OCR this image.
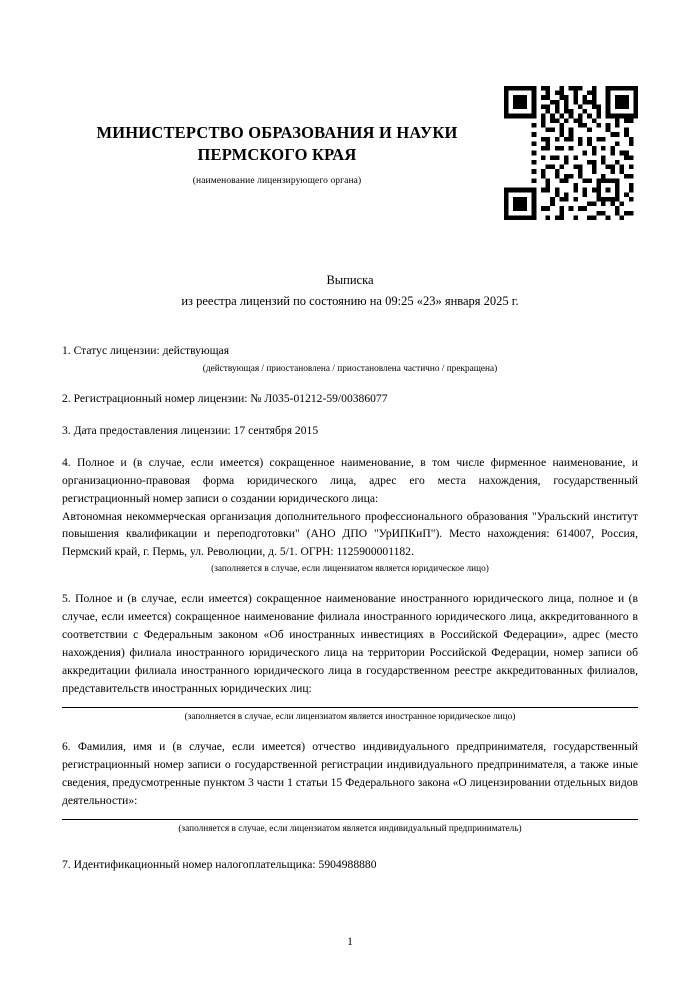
МИНИСТЕРСТВО ОБРАЗОВАНИЯ И НАУКИ ПЕРМСКОГО КРАЯ
(наименование лицензирующего органа)
Выписка
из реестра лицензий по состоянию на 09:25 «23» января 2025 г.

1. Статус лицензии: действующая

(действующая / приостановлена / приостановлена частично / прекращена)

2. Регистрационный номер лицензии: № Л035-01212-59/00386077

3. Дата предоставления лицензии: 17 сентября 2015

4. Полное и (в случае, если имеется) сокращенное наименование, в том числе фирменное наименование, и организационно-правовая форма юридического лица, адрес его места нахождения, государственный регистрационный номер записи о создании юридического лица:

Автономная некоммерческая организация дополнительного профессионального образования "Уральский институт повышения квалификации и переподготовки" (АНО ДПО "УрИПКиП"). Место нахождения: 614007, Россия, Пермский край, г. Пермь, ул. Революции, д. 5/1. ОГРН: 1125900001182.
(заполняется в случае, если лицензиатом является юридическое лицо)

5. Полное и (в случае, если имеется) сокращенное наименование иностранного юридического лица, полное и (в случае, если имеется) сокращенное наименование филиала иностранного юридического лица, аккредитованного в соответствии с Федеральным законом «Об иностранных инвестициях в Российской Федерации», адрес (место нахождения) филиала иностранного юридического лица на территории Российской Федерации, номер записи об аккредитации филиала иностранного юридического лица в государственном реестре аккредитованных филиалов, представительств иностранных юридических лиц:

(заполняется в случае, если лицензиатом является иностранное юридическое лицо)

6. Фамилия, имя и (в случае, если имеется) отчество индивидуального предпринимателя, государственный регистрационный номер записи о государственной регистрации индивидуального предпринимателя, а также иные сведения, предусмотренные пунктом 3 части 1 статьи 15 Федерального закона «О лицензировании отдельных видов деятельности»:

(заполняется в случае, если лицензиатом является индивидуальный предприниматель)

7. Идентификационный номер налогоплательщика: 5904988880

1
